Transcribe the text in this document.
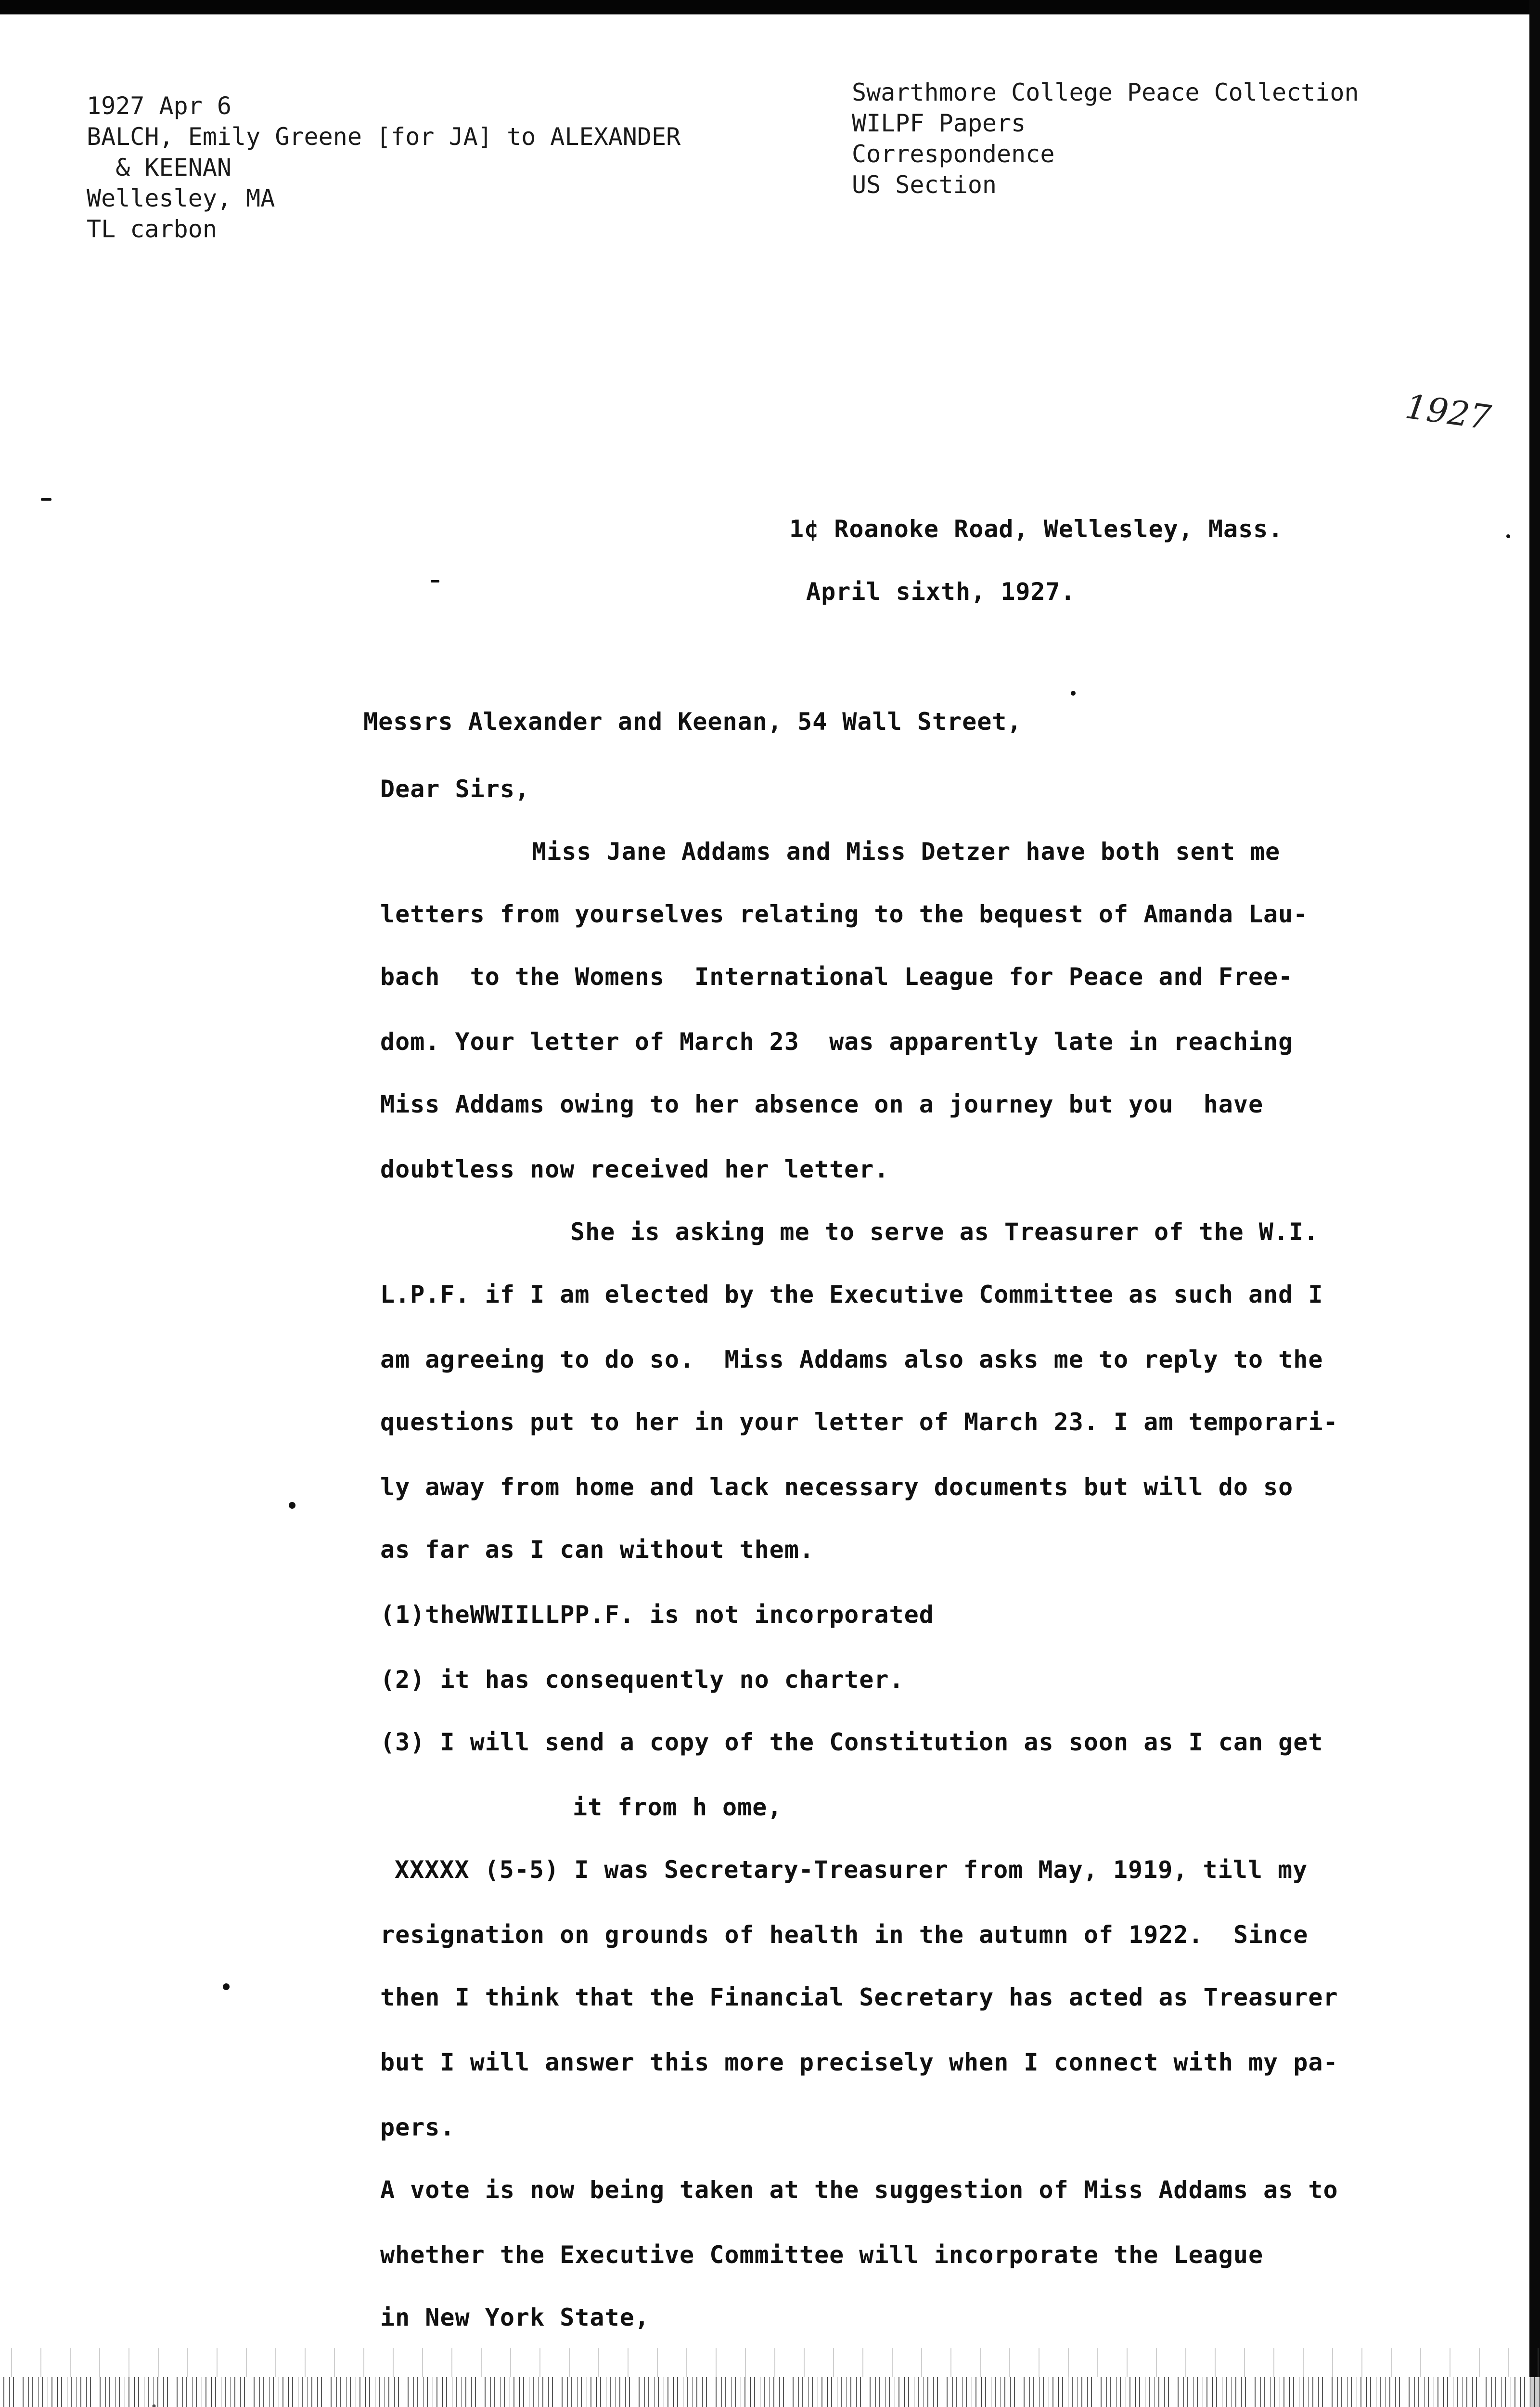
1927 Apr 6
BALCH, Emily Greene [for JA] to ALEXANDER
& KEENAN
Wellesley, MA
TL carbon
Swarthmore College Peace Collection
WILPF Papers
Correspondence
US Section
1927
1¢ Roanoke Road, Wellesley, Mass.
April sixth, 1927.
Messrs Alexander and Keenan, 54 Wall Street,
Dear Sirs,
Miss Jane Addams and Miss Detzer have both sent me
letters from yourselves relating to the bequest of Amanda Lau-
bach  to the Womens  International League for Peace and Free-
dom. Your letter of March 23  was apparently late in reaching
Miss Addams owing to her absence on a journey but you  have
doubtless now received her letter.
She is asking me to serve as Treasurer of the W.I.
L.P.F. if I am elected by the Executive Committee as such and I
am agreeing to do so.  Miss Addams also asks me to reply to the
questions put to her in your letter of March 23. I am temporari-
ly away from home and lack necessary documents but will do so
as far as I can without them.
(1)theWWIILLPP.F. is not incorporated
(2) it has consequently no charter.
(3) I will send a copy of the Constitution as soon as I can get
it from h ome,
XXXXX (5-5) I was Secretary-Treasurer from May, 1919, till my
resignation on grounds of health in the autumn of 1922.  Since
then I think that the Financial Secretary has acted as Treasurer
but I will answer this more precisely when I connect with my pa-
pers.
A vote is now being taken at the suggestion of Miss Addams as to
whether the Executive Committee will incorporate the League
in New York State,
